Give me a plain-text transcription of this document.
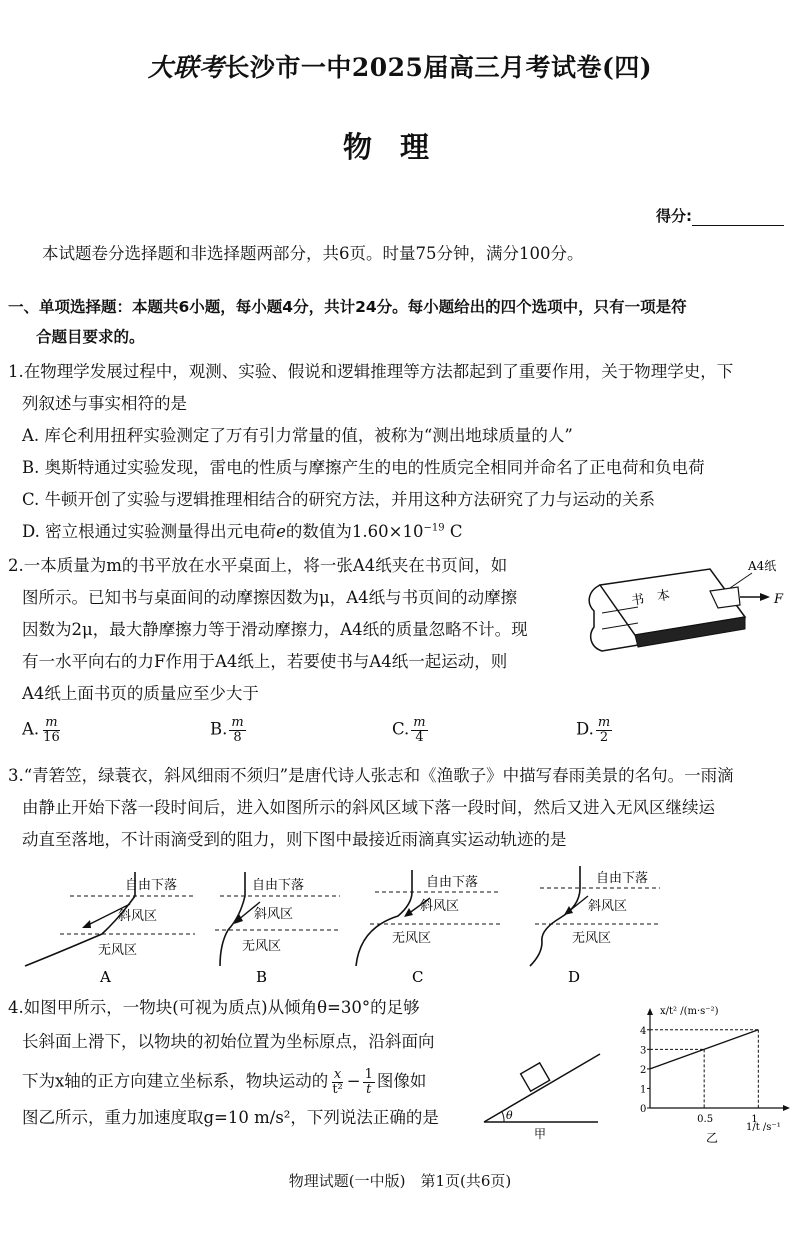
大联考长沙市一中2025届高三月考试卷(四)
物理
得分:
本试题卷分选择题和非选择题两部分，共6页。时量75分钟，满分100分。
一、单项选择题：本题共6小题，每小题4分，共计24分。每小题给出的四个选项中，只有一项是符
合题目要求的。
1.在物理学发展过程中，观测、实验、假说和逻辑推理等方法都起到了重要作用，关于物理学史，下
列叙述与事实相符的是
A. 库仑利用扭秤实验测定了万有引力常量的值，被称为“测出地球质量的人”
B. 奥斯特通过实验发现，雷电的性质与摩擦产生的电的性质完全相同并命名了正电荷和负电荷
C. 牛顿开创了实验与逻辑推理相结合的研究方法，并用这种方法研究了力与运动的关系
D. 密立根通过实验测量得出元电荷e的数值为$1.60\times 10^{-19}$ C
2.一本质量为m的书平放在水平桌面上，将一张A4纸夹在书页间，如
图所示。已知书与桌面间的动摩擦因数为μ，A4纸与书页间的动摩擦
因数为2μ，最大静摩擦力等于滑动摩擦力，A4纸的质量忽略不计。现
有一水平向右的力F作用于A4纸上，若要使书与A4纸一起运动，则
A4纸上面书页的质量应至少大于
A4纸
F
书　本
A. $\frac{m}{16}$	B. $\frac{m}{8}$	C. $\frac{m}{4}$	D. $\frac{m}{2}$
3.“青箬笠，绿蓑衣，斜风细雨不须归”是唐代诗人张志和《渔歌子》中描写春雨美景的名句。一雨滴
由静止开始下落一段时间后，进入如图所示的斜风区域下落一段时间，然后又进入无风区继续运
动直至落地，不计雨滴受到的阻力，则下图中最接近雨滴真实运动轨迹的是
自由下落
斜风区
无风区
A
自由下落
斜风区
无风区
B
自由下落
斜风区
无风区
C
自由下落
斜风区
无风区
D
4.如图甲所示，一物块(可视为质点)从倾角θ=30°的足够
长斜面上滑下，以物块的初始位置为坐标原点，沿斜面向
下为x轴的正方向建立坐标系，物块运动的 $\frac{x}{\text{t²}} - \frac{1}{t}$ 图像如
图乙所示，重力加速度取g=10 m/s²，下列说法正确的是	θ
甲
0
1
2
3
4
0.5	1
x/t² /(m·s⁻²)
1/t /s⁻¹
乙
物理试题(一中版)　第1页(共6页)
